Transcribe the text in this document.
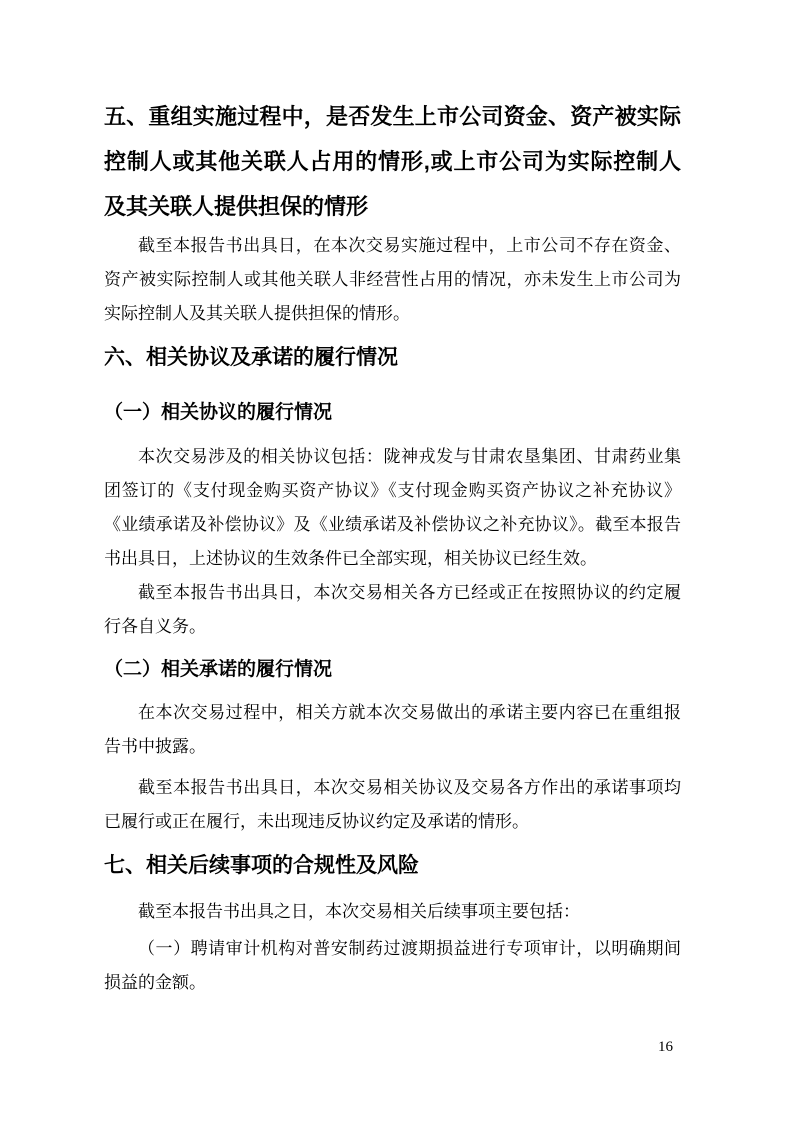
五、重组实施过程中，是否发生上市公司资金、资产被实际控制人或其他关联人占用的情形,或上市公司为实际控制人及其关联人提供担保的情形

截至本报告书出具日，在本次交易实施过程中，上市公司不存在资金、资产被实际控制人或其他关联人非经营性占用的情况，亦未发生上市公司为实际控制人及其关联人提供担保的情形。

六、相关协议及承诺的履行情况
（一）相关协议的履行情况

本次交易涉及的相关协议包括：陇神戎发与甘肃农垦集团、甘肃药业集团签订的《支付现金购买资产协议》《支付现金购买资产协议之补充协议》《业绩承诺及补偿协议》及《业绩承诺及补偿协议之补充协议》。截至本报告书出具日，上述协议的生效条件已全部实现，相关协议已经生效。

截至本报告书出具日，本次交易相关各方已经或正在按照协议的约定履行各自义务。

（二）相关承诺的履行情况

在本次交易过程中，相关方就本次交易做出的承诺主要内容已在重组报告书中披露。

截至本报告书出具日，本次交易相关协议及交易各方作出的承诺事项均已履行或正在履行，未出现违反协议约定及承诺的情形。

七、相关后续事项的合规性及风险

截至本报告书出具之日，本次交易相关后续事项主要包括：

（一）聘请审计机构对普安制药过渡期损益进行专项审计，以明确期间损益的金额。

16
